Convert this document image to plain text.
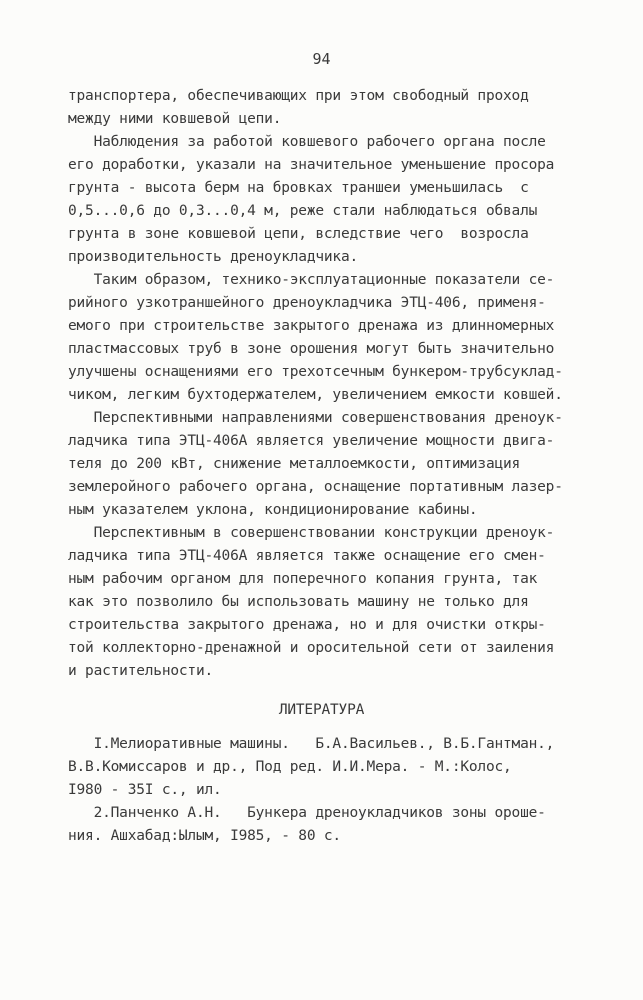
94
транспортера, обеспечивающих при этом свободный проход
между ними ковшевой цепи.
Наблюдения за работой ковшевого рабочего органа после
его доработки, указали на значительное уменьшение просора
грунта - высота берм на бровках траншеи уменьшилась  с
0,5...0,6 до 0,3...0,4 м, реже стали наблюдаться обвалы
грунта в зоне ковшевой цепи, вследствие чего  возросла
производительность дреноукладчика.
Таким образом, технико-эксплуатационные показатели се-
рийного узкотраншейного дреноукладчика ЭТЦ-406, применя-
емого при строительстве закрытого дренажа из длинномерных
пластмассовых труб в зоне орошения могут быть значительно
улучшены оснащениями его трехотсечным бункером-трубсуклад-
чиком, легким бухтодержателем, увеличением емкости ковшей.
Перспективными направлениями совершенствования дреноук-
ладчика типа ЭТЦ-406А является увеличение мощности двига-
теля до 200 кВт, снижение металлоемкости, оптимизация
землеройного рабочего органа, оснащение портативным лазер-
ным указателем уклона, кондиционирование кабины.
Перспективным в совершенствовании конструкции дреноук-
ладчика типа ЭТЦ-406А является также оснащение его смен-
ным рабочим органом для поперечного копания грунта, так
как это позволило бы использовать машину не только для
строительства закрытого дренажа, но и для очистки откры-
той коллекторно-дренажной и оросительной сети от заиления
и растительности.
ЛИТЕРАТУРА
I.Мелиоративные машины.   Б.А.Васильев., В.Б.Гантман.,
В.В.Комиссаров и др., Под ред. И.И.Мера. - М.:Колос,
I980 - 35I с., ил.
2.Панченко А.Н.   Бункера дреноукладчиков зоны ороше-
ния. Ашхабад:Ылым, I985, - 80 с.
